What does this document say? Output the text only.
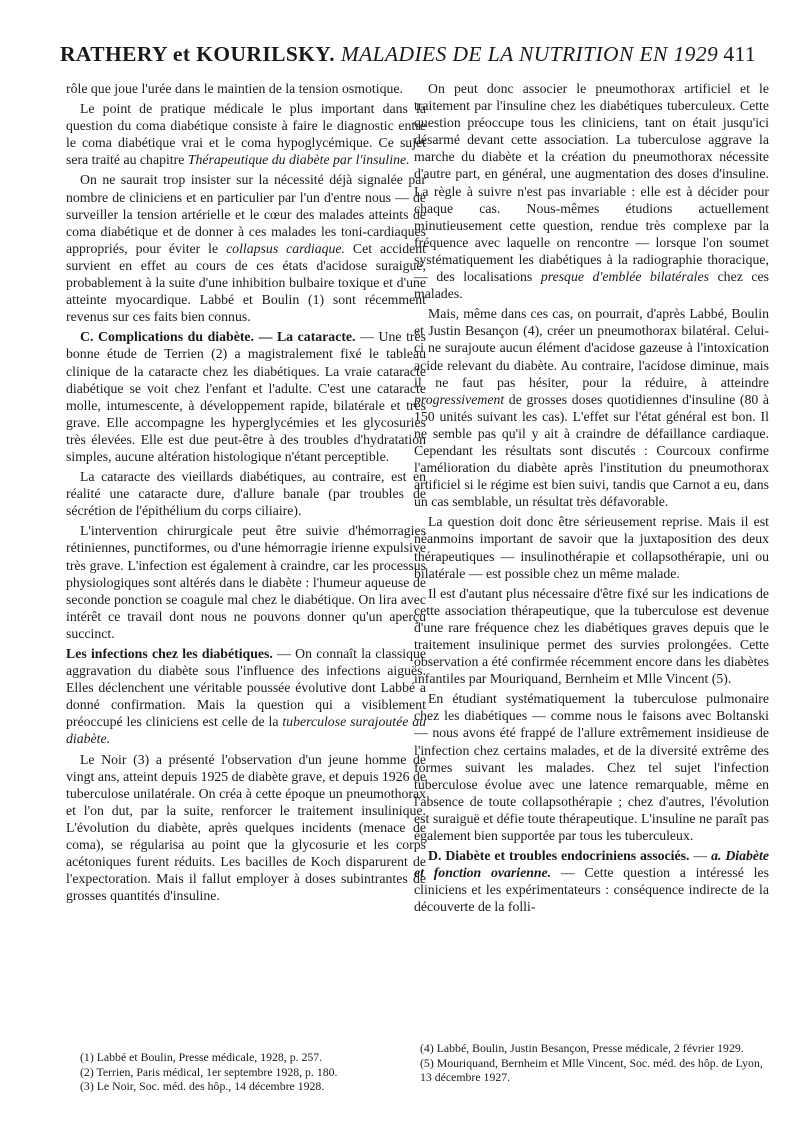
RATHERY et KOURILSKY. MALADIES DE LA NUTRITION EN 1929 411

rôle que joue l'urée dans le maintien de la tension osmotique.

Le point de pratique médicale le plus important dans la question du coma diabétique consiste à faire le diagnostic entre le coma diabétique vrai et le coma hypoglycémique. Ce sujet sera traité au chapitre Thérapeutique du diabète par l'insuline.

On ne saurait trop insister sur la nécessité déjà signalée par nombre de cliniciens et en particulier par l'un d'entre nous — de surveiller la tension artérielle et le cœur des malades atteints de coma diabétique et de donner à ces malades les toni-cardiaques appropriés, pour éviter le collapsus cardiaque. Cet accident survient en effet au cours de ces états d'acidose suraiguë, probablement à la suite d'une inhibition bulbaire toxique et d'une atteinte myocardique. Labbé et Boulin (1) sont récemment revenus sur ces faits bien connus.

C. Complications du diabète. — La cataracte. — Une très bonne étude de Terrien (2) a magistralement fixé le tableau clinique de la cataracte chez les diabétiques. La vraie cataracte diabétique se voit chez l'enfant et l'adulte. C'est une cataracte molle, intumescente, à développement rapide, bilatérale et très grave. Elle accompagne les hyperglycémies et les glycosuries très élevées. Elle est due peut-être à des troubles d'hydratation simples, aucune altération histologique n'étant perceptible.

La cataracte des vieillards diabétiques, au contraire, est en réalité une cataracte dure, d'allure banale (par troubles de sécrétion de l'épithélium du corps ciliaire).

L'intervention chirurgicale peut être suivie d'hémorragies rétiniennes, punctiformes, ou d'une hémorragie irienne expulsive très grave. L'infection est également à craindre, car les processus physiologiques sont altérés dans le diabète : l'humeur aqueuse de seconde ponction se coagule mal chez le diabétique. On lira avec intérêt ce travail dont nous ne pouvons donner qu'un aperçu succinct.

Les infections chez les diabétiques. — On connaît la classique aggravation du diabète sous l'influence des infections aiguës. Elles déclenchent une véritable poussée évolutive dont Labbé a donné confirmation. Mais la question qui a visiblement préoccupé les cliniciens est celle de la tuberculose surajoutée au diabète.

Le Noir (3) a présenté l'observation d'un jeune homme de vingt ans, atteint depuis 1925 de diabète grave, et depuis 1926 de tuberculose unilatérale. On créa à cette époque un pneumothorax et l'on dut, par la suite, renforcer le traitement insulinique. L'évolution du diabète, après quelques incidents (menace de coma), se régularisa au point que la glycosurie et les corps acétoniques furent réduits. Les bacilles de Koch disparurent de l'expectoration. Mais il fallut employer à doses subintrantes de grosses quantités d'insuline.

On peut donc associer le pneumothorax artificiel et le traitement par l'insuline chez les diabétiques tuberculeux. Cette question préoccupe tous les cliniciens, tant on était jusqu'ici désarmé devant cette association. La tuberculose aggrave la marche du diabète et la création du pneumothorax nécessite d'autre part, en général, une augmentation des doses d'insuline. La règle à suivre n'est pas invariable : elle est à décider pour chaque cas. Nous-mêmes étudions actuellement minutieusement cette question, rendue très complexe par la fréquence avec laquelle on rencontre — lorsque l'on soumet systématiquement les diabétiques à la radiographie thoracique, — des localisations presque d'emblée bilatérales chez ces malades.

Mais, même dans ces cas, on pourrait, d'après Labbé, Boulin et Justin Besançon (4), créer un pneumothorax bilatéral. Celui-ci ne surajoute aucun élément d'acidose gazeuse à l'intoxication acide relevant du diabète. Au contraire, l'acidose diminue, mais il ne faut pas hésiter, pour la réduire, à atteindre progressivement de grosses doses quotidiennes d'insuline (80 à 150 unités suivant les cas). L'effet sur l'état général est bon. Il ne semble pas qu'il y ait à craindre de défaillance cardiaque. Cependant les résultats sont discutés : Courcoux confirme l'amélioration du diabète après l'institution du pneumothorax artificiel si le régime est bien suivi, tandis que Carnot a eu, dans un cas semblable, un résultat très défavorable.

La question doit donc être sérieusement reprise. Mais il est néanmoins important de savoir que la juxtaposition des deux thérapeutiques — insulinothérapie et collapsothérapie, uni ou bilatérale — est possible chez un même malade.

Il est d'autant plus nécessaire d'être fixé sur les indications de cette association thérapeutique, que la tuberculose est devenue d'une rare fréquence chez les diabétiques graves depuis que le traitement insulinique permet des survies prolongées. Cette observation a été confirmée récemment encore dans les diabètes infantiles par Mouriquand, Bernheim et Mlle Vincent (5).

En étudiant systématiquement la tuberculose pulmonaire chez les diabétiques — comme nous le faisons avec Boltanski — nous avons été frappé de l'allure extrêmement insidieuse de l'infection chez certains malades, et de la diversité extrême des formes suivant les malades. Chez tel sujet l'infection tuberculose évolue avec une latence remarquable, même en l'absence de toute collapsothérapie ; chez d'autres, l'évolution est suraiguë et défie toute thérapeutique. L'insuline ne paraît pas également bien supportée par tous les tuberculeux.

D. Diabète et troubles endocriniens associés. — a. Diabète et fonction ovarienne. — Cette question a intéressé les cliniciens et les expérimentateurs : conséquence indirecte de la découverte de la folli-

(1) Labbé et Boulin, Presse médicale, 1928, p. 257.
(2) Terrien, Paris médical, 1er septembre 1928, p. 180.
(3) Le Noir, Soc. méd. des hôp., 14 décembre 1928.
(4) Labbé, Boulin, Justin Besançon, Presse médicale, 2 février 1929.
(5) Mouriquand, Bernheim et Mlle Vincent, Soc. méd. des hôp. de Lyon, 13 décembre 1927.
